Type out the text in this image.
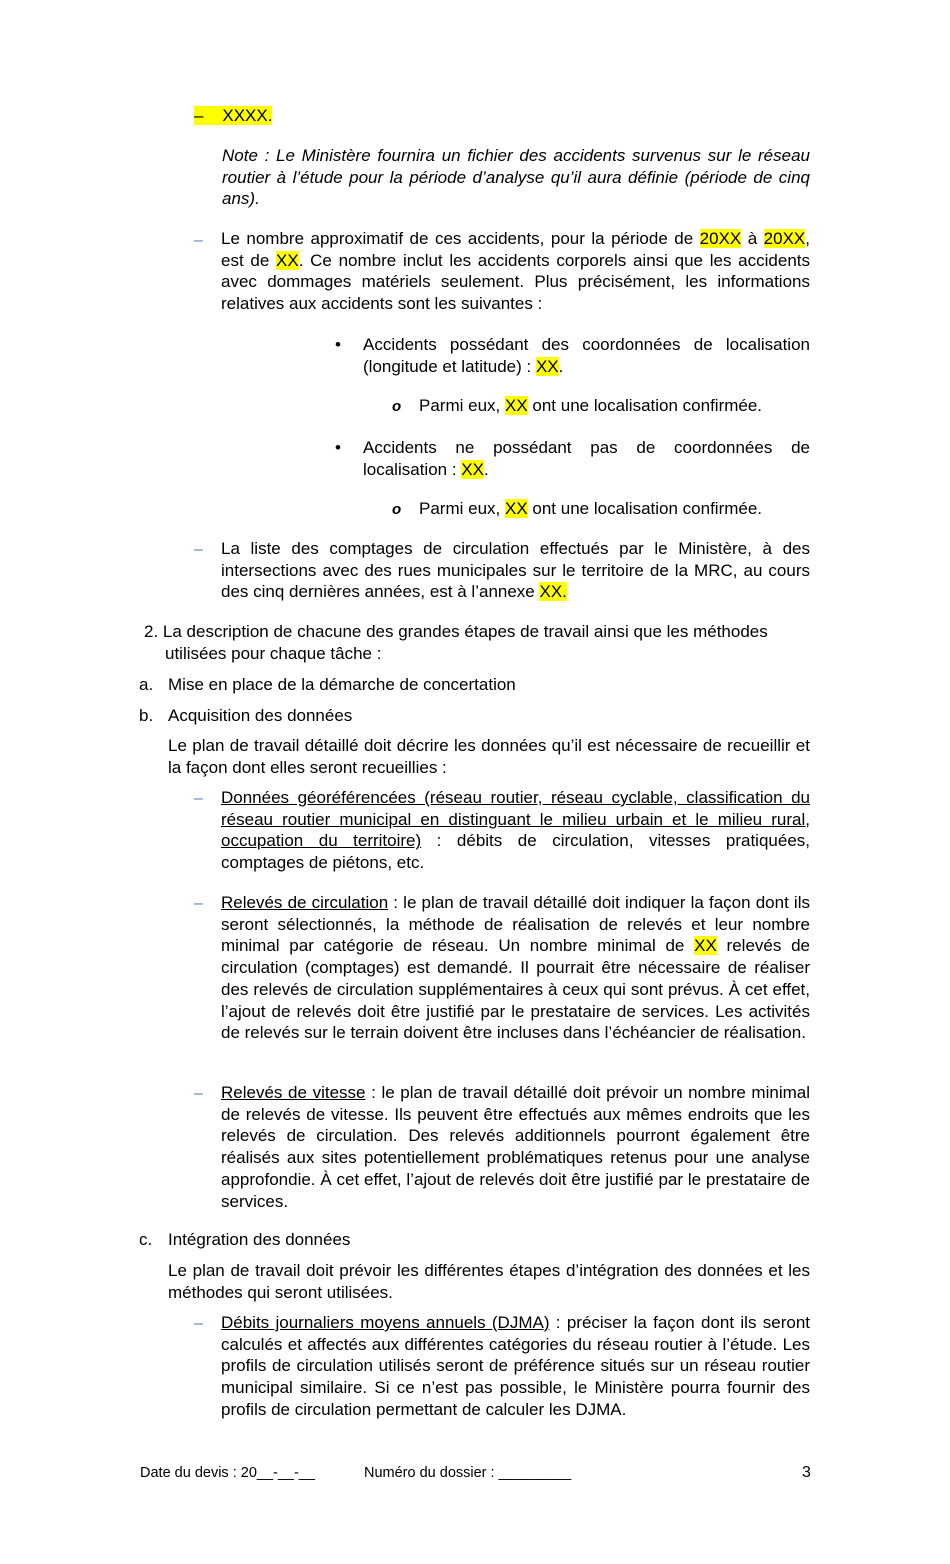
– XXXX.
Note : Le Ministère fournira un fichier des accidents survenus sur le réseau routier à l’étude pour la période d’analyse qu’il aura définie (période de cinq ans).
– Le nombre approximatif de ces accidents, pour la période de 20XX à 20XX, est de XX. Ce nombre inclut les accidents corporels ainsi que les accidents avec dommages matériels seulement. Plus précisément, les informations relatives aux accidents sont les suivantes :
• Accidents possédant des coordonnées de localisation (longitude et latitude) : XX.
o Parmi eux, XX ont une localisation confirmée.
• Accidents ne possédant pas de coordonnées de localisation : XX.
o Parmi eux, XX ont une localisation confirmée.
– La liste des comptages de circulation effectués par le Ministère, à des intersections avec des rues municipales sur le territoire de la MRC, au cours des cinq dernières années, est à l’annexe XX.
2. La description de chacune des grandes étapes de travail ainsi que les méthodes
utilisées pour chaque tâche :
a. Mise en place de la démarche de concertation
b. Acquisition des données
Le plan de travail détaillé doit décrire les données qu’il est nécessaire de recueillir et la façon dont elles seront recueillies :
– Données géoréférencées (réseau routier, réseau cyclable, classification du réseau routier municipal en distinguant le milieu urbain et le milieu rural, occupation du territoire) : débits de circulation, vitesses pratiquées, comptages de piétons, etc.
– Relevés de circulation : le plan de travail détaillé doit indiquer la façon dont ils seront sélectionnés, la méthode de réalisation de relevés et leur nombre minimal par catégorie de réseau. Un nombre minimal de XX relevés de circulation (comptages) est demandé. Il pourrait être nécessaire de réaliser des relevés de circulation supplémentaires à ceux qui sont prévus. À cet effet, l’ajout de relevés doit être justifié par le prestataire de services. Les activités de relevés sur le terrain doivent être incluses dans l’échéancier de réalisation.
– Relevés de vitesse : le plan de travail détaillé doit prévoir un nombre minimal de relevés de vitesse. Ils peuvent être effectués aux mêmes endroits que les relevés de circulation. Des relevés additionnels pourront également être réalisés aux sites potentiellement problématiques retenus pour une analyse approfondie. À cet effet, l’ajout de relevés doit être justifié par le prestataire de services.
c. Intégration des données
Le plan de travail doit prévoir les différentes étapes d’intégration des données et les méthodes qui seront utilisées.
– Débits journaliers moyens annuels (DJMA) : préciser la façon dont ils seront calculés et affectés aux différentes catégories du réseau routier à l’étude. Les profils de circulation utilisés seront de préférence situés sur un réseau routier municipal similaire. Si ce n’est pas possible, le Ministère pourra fournir des profils de circulation permettant de calculer les DJMA.
Date du devis : 20__-__-__	Numéro du dossier : _________	3
